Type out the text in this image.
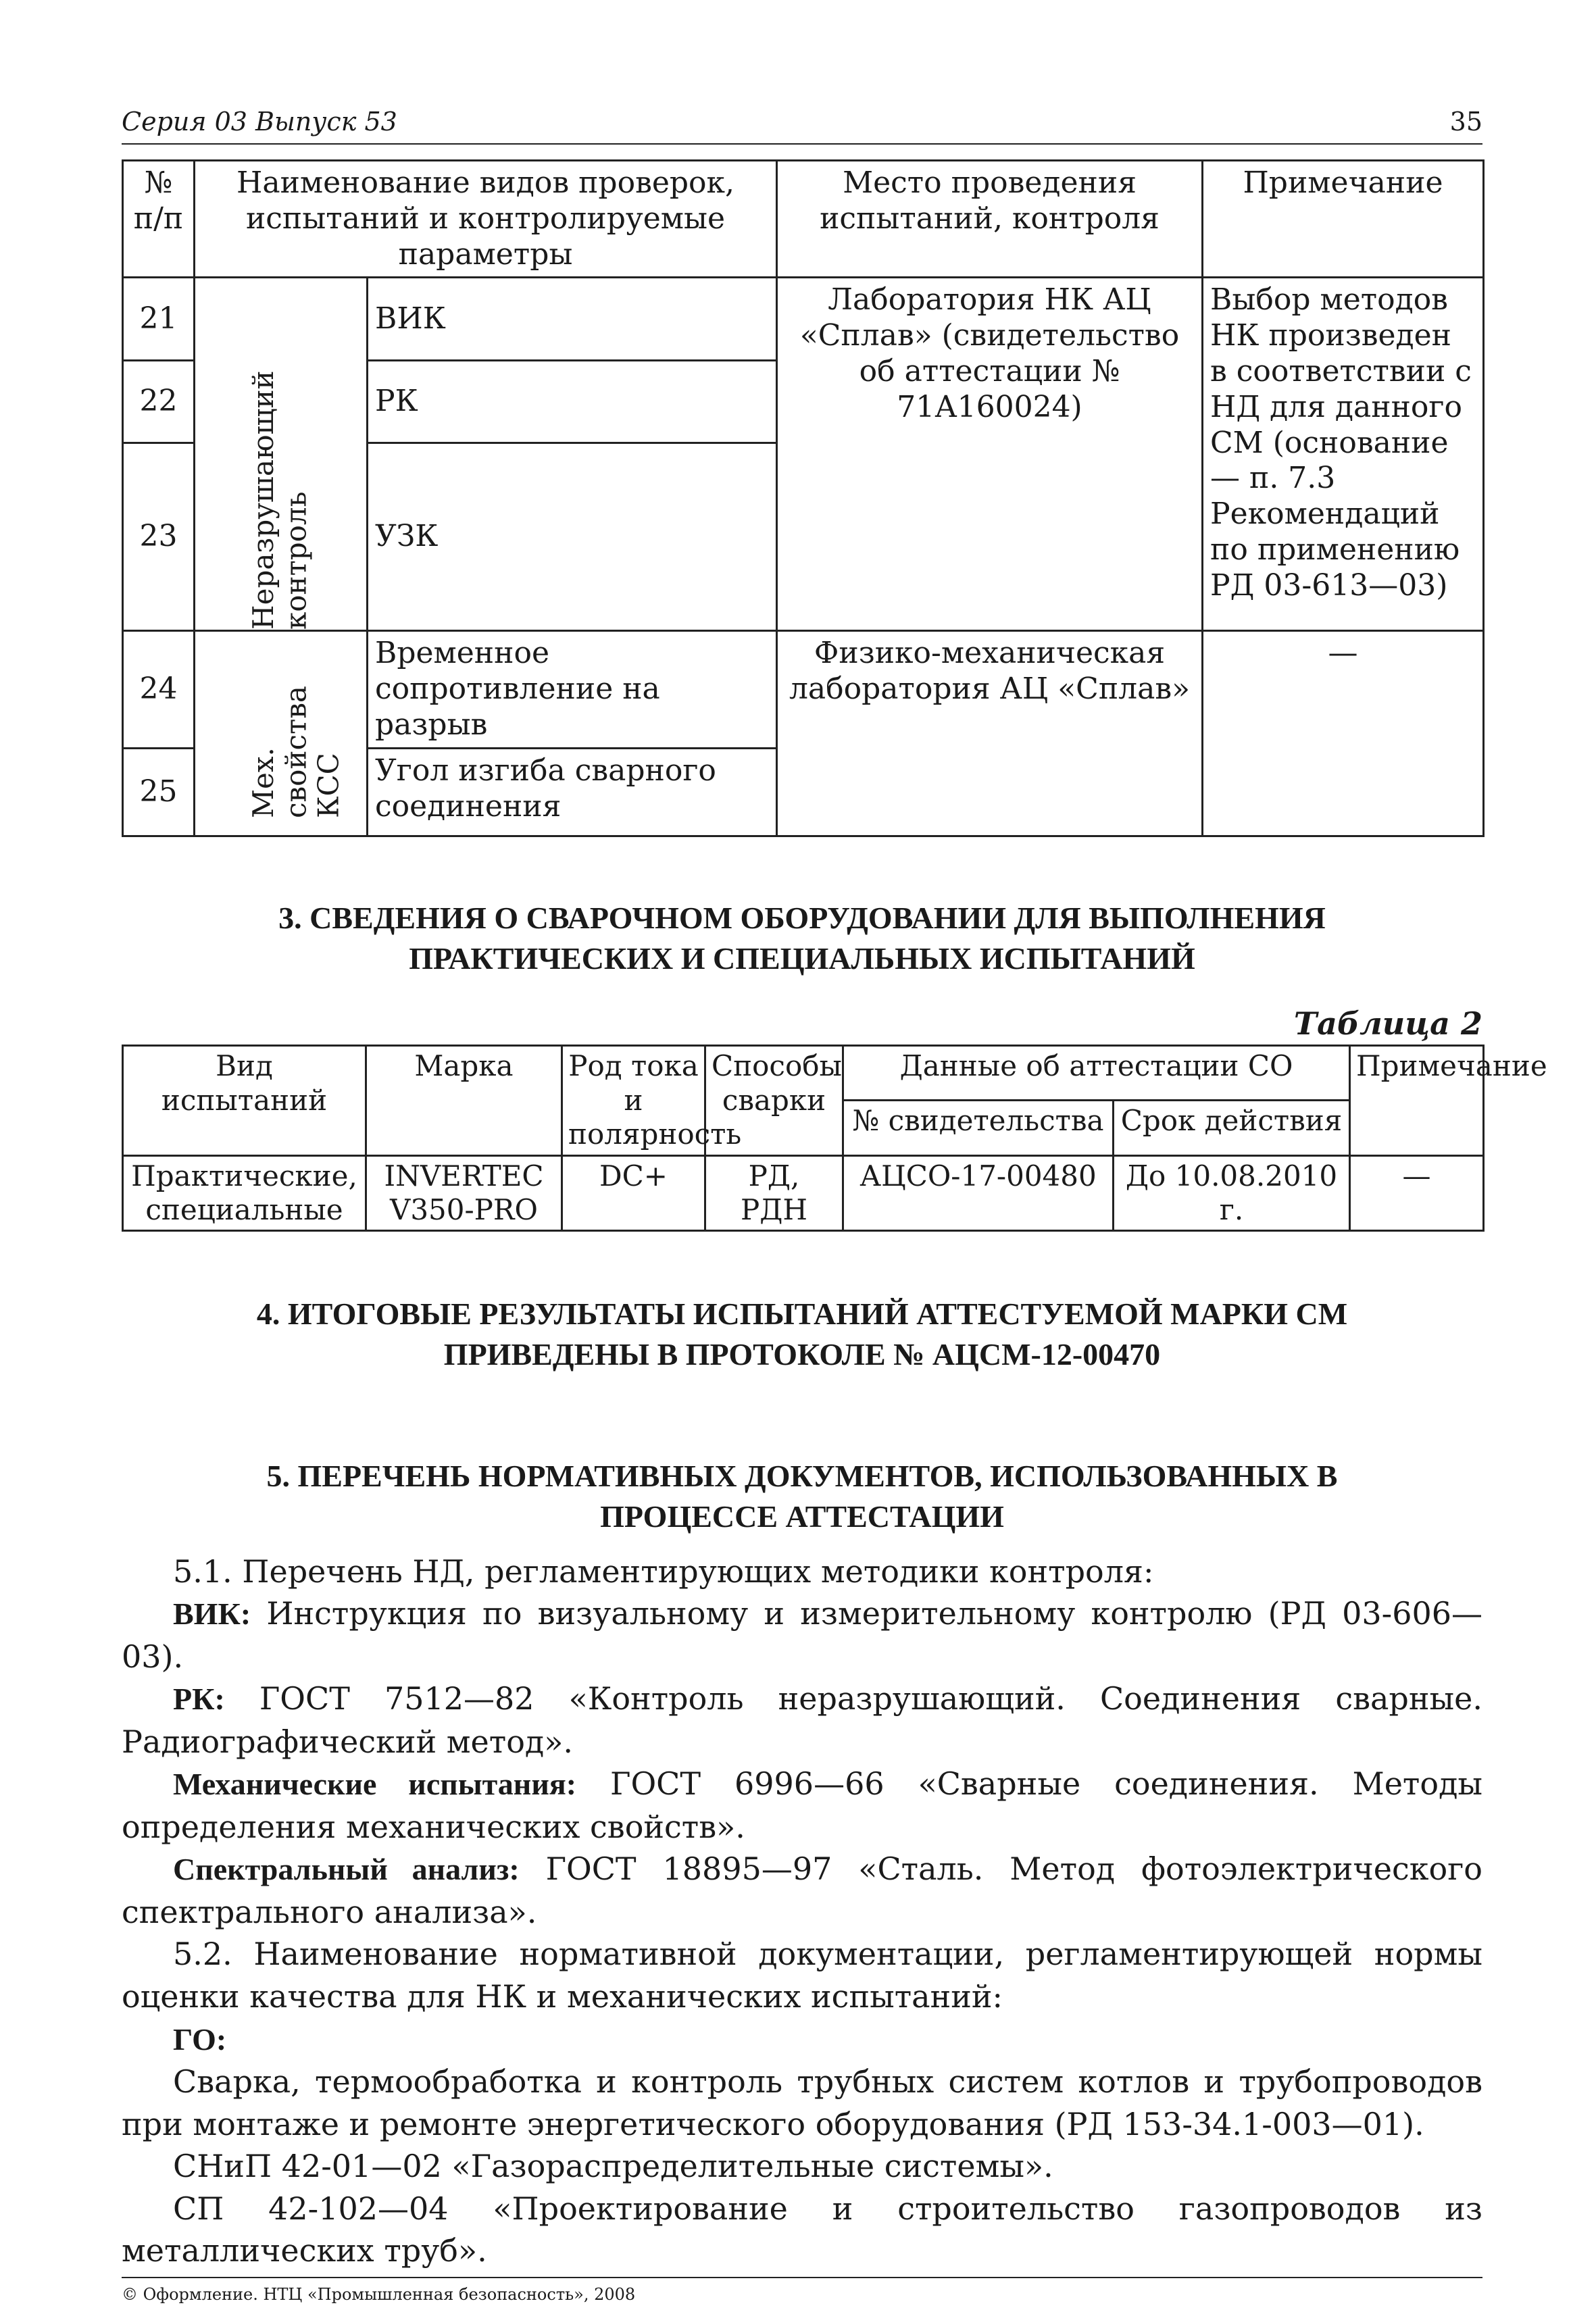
Серия 03 Выпуск 53	35
№ п/п	Наименование видов проверок, испытаний и контролируемые параметры		Место проведения испытаний, контроля	Примечание
21	Неразрушающий контроль	ВИК	Лаборатория НК АЦ «Сплав» (свидетельство об аттестации № 71А160024)	Выбор методов НК произведен в соответствии с НД для данного СМ (основание — п. 7.3 Рекомендаций по применению РД 03-613—03)
22		РК		
23		УЗК		
24	Мех. свойства КСС	Временное сопротивление на разрыв	Физико-механическая лаборатория АЦ «Сплав»	—
25		Угол изгиба сварного соединения		
3. СВЕДЕНИЯ О СВАРОЧНОМ ОБОРУДОВАНИИ ДЛЯ ВЫПОЛНЕНИЯ ПРАКТИЧЕСКИХ И СПЕЦИАЛЬНЫХ ИСПЫТАНИЙ
Таблица 2
Вид испытаний	Марка	Род тока и полярность	Способы сварки	Данные об аттестации СО		Примечание
				№ свидетельства	Срок действия	
Практические, специальные	INVERTEC V350-PRO	DC+	РД, РДН	АЦСО-17-00480	До 10.08.2010 г.	—
4. ИТОГОВЫЕ РЕЗУЛЬТАТЫ ИСПЫТАНИЙ АТТЕСТУЕМОЙ МАРКИ СМ ПРИВЕДЕНЫ В ПРОТОКОЛЕ № АЦСМ-12-00470
5. ПЕРЕЧЕНЬ НОРМАТИВНЫХ ДОКУМЕНТОВ, ИСПОЛЬЗОВАННЫХ В ПРОЦЕССЕ АТТЕСТАЦИИ

5.1. Перечень НД, регламентирующих методики контроля:

ВИК: Инструкция по визуальному и измерительному контролю (РД 03-606—03).

РК: ГОСТ 7512—82 «Контроль неразрушающий. Соединения сварные. Радиографический метод».

Механические испытания: ГОСТ 6996—66 «Сварные соединения. Методы определения механических свойств».

Спектральный анализ: ГОСТ 18895—97 «Сталь. Метод фотоэлектрического спектрального анализа».

5.2. Наименование нормативной документации, регламентирующей нормы оценки качества для НК и механических испытаний:

ГО:

Сварка, термообработка и контроль трубных систем котлов и трубопроводов при монтаже и ремонте энергетического оборудования (РД 153-34.1-003—01).

СНиП 42-01—02 «Газораспределительные системы».

СП 42-102—04 «Проектирование и строительство газопроводов из металлических труб».

© Оформление. НТЦ «Промышленная безопасность», 2008
